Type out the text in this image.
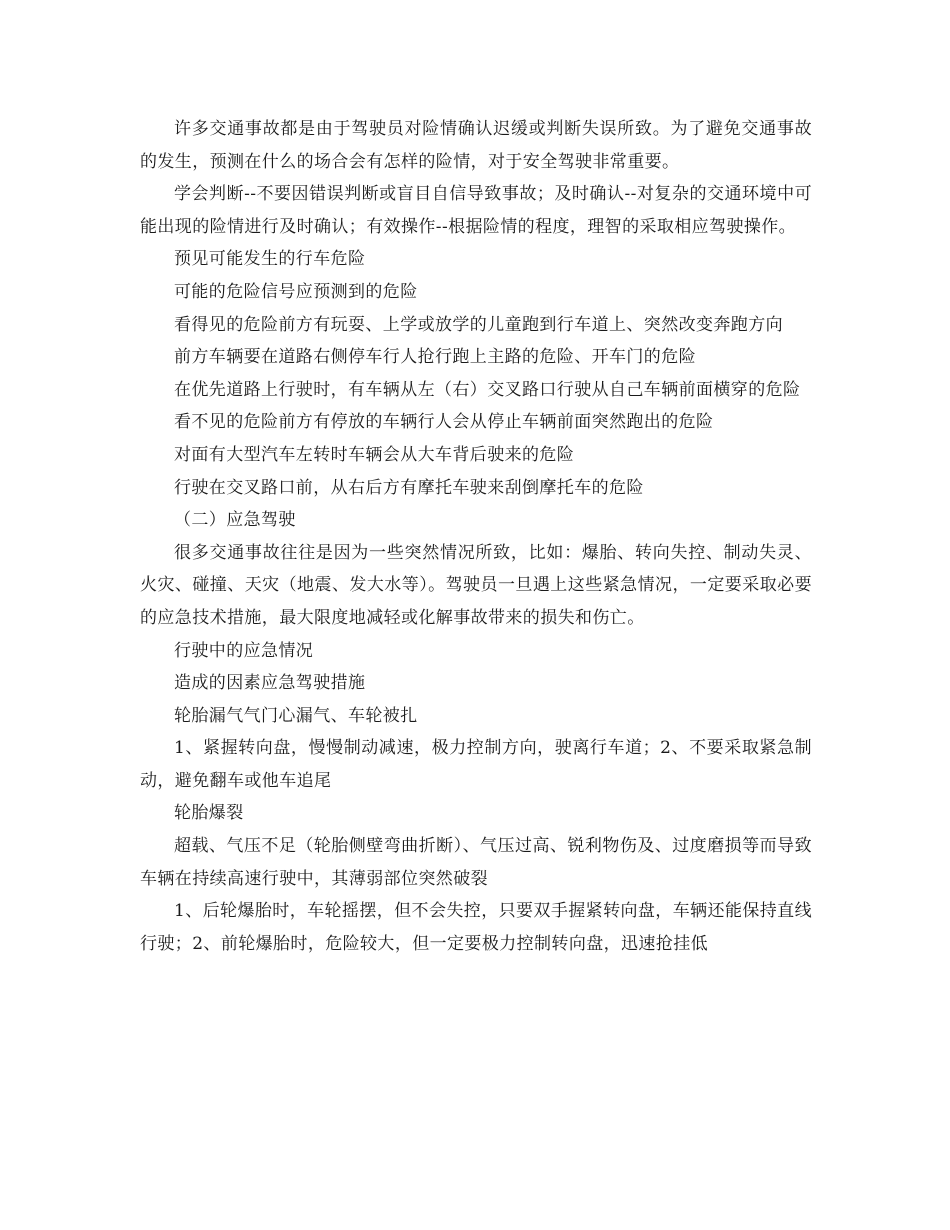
许多交通事故都是由于驾驶员对险情确认迟缓或判断失误所致。为了避免交通事故的发生，预测在什么的场合会有怎样的险情，对于安全驾驶非常重要。

学会判断--不要因错误判断或盲目自信导致事故；及时确认--对复杂的交通环境中可能出现的险情进行及时确认；有效操作--根据险情的程度，理智的采取相应驾驶操作。

预见可能发生的行车危险

可能的危险信号应预测到的危险

看得见的危险前方有玩耍、上学或放学的儿童跑到行车道上、突然改变奔跑方向

前方车辆要在道路右侧停车行人抢行跑上主路的危险、开车门的危险

在优先道路上行驶时，有车辆从左（右）交叉路口行驶从自己车辆前面横穿的危险

看不见的危险前方有停放的车辆行人会从停止车辆前面突然跑出的危险

对面有大型汽车左转时车辆会从大车背后驶来的危险

行驶在交叉路口前，从右后方有摩托车驶来刮倒摩托车的危险

（二）应急驾驶

很多交通事故往往是因为一些突然情况所致，比如：爆胎、转向失控、制动失灵、火灾、碰撞、天灾（地震、发大水等）。驾驶员一旦遇上这些紧急情况，一定要采取必要的应急技术措施，最大限度地减轻或化解事故带来的损失和伤亡。

行驶中的应急情况

造成的因素应急驾驶措施

轮胎漏气气门心漏气、车轮被扎

1、紧握转向盘，慢慢制动减速，极力控制方向，驶离行车道；2、不要采取紧急制动，避免翻车或他车追尾

轮胎爆裂

超载、气压不足（轮胎侧壁弯曲折断）、气压过高、锐利物伤及、过度磨损等而导致车辆在持续高速行驶中，其薄弱部位突然破裂

1、后轮爆胎时，车轮摇摆，但不会失控，只要双手握紧转向盘，车辆还能保持直线行驶；2、前轮爆胎时，危险较大，但一定要极力控制转向盘，迅速抢挂低
